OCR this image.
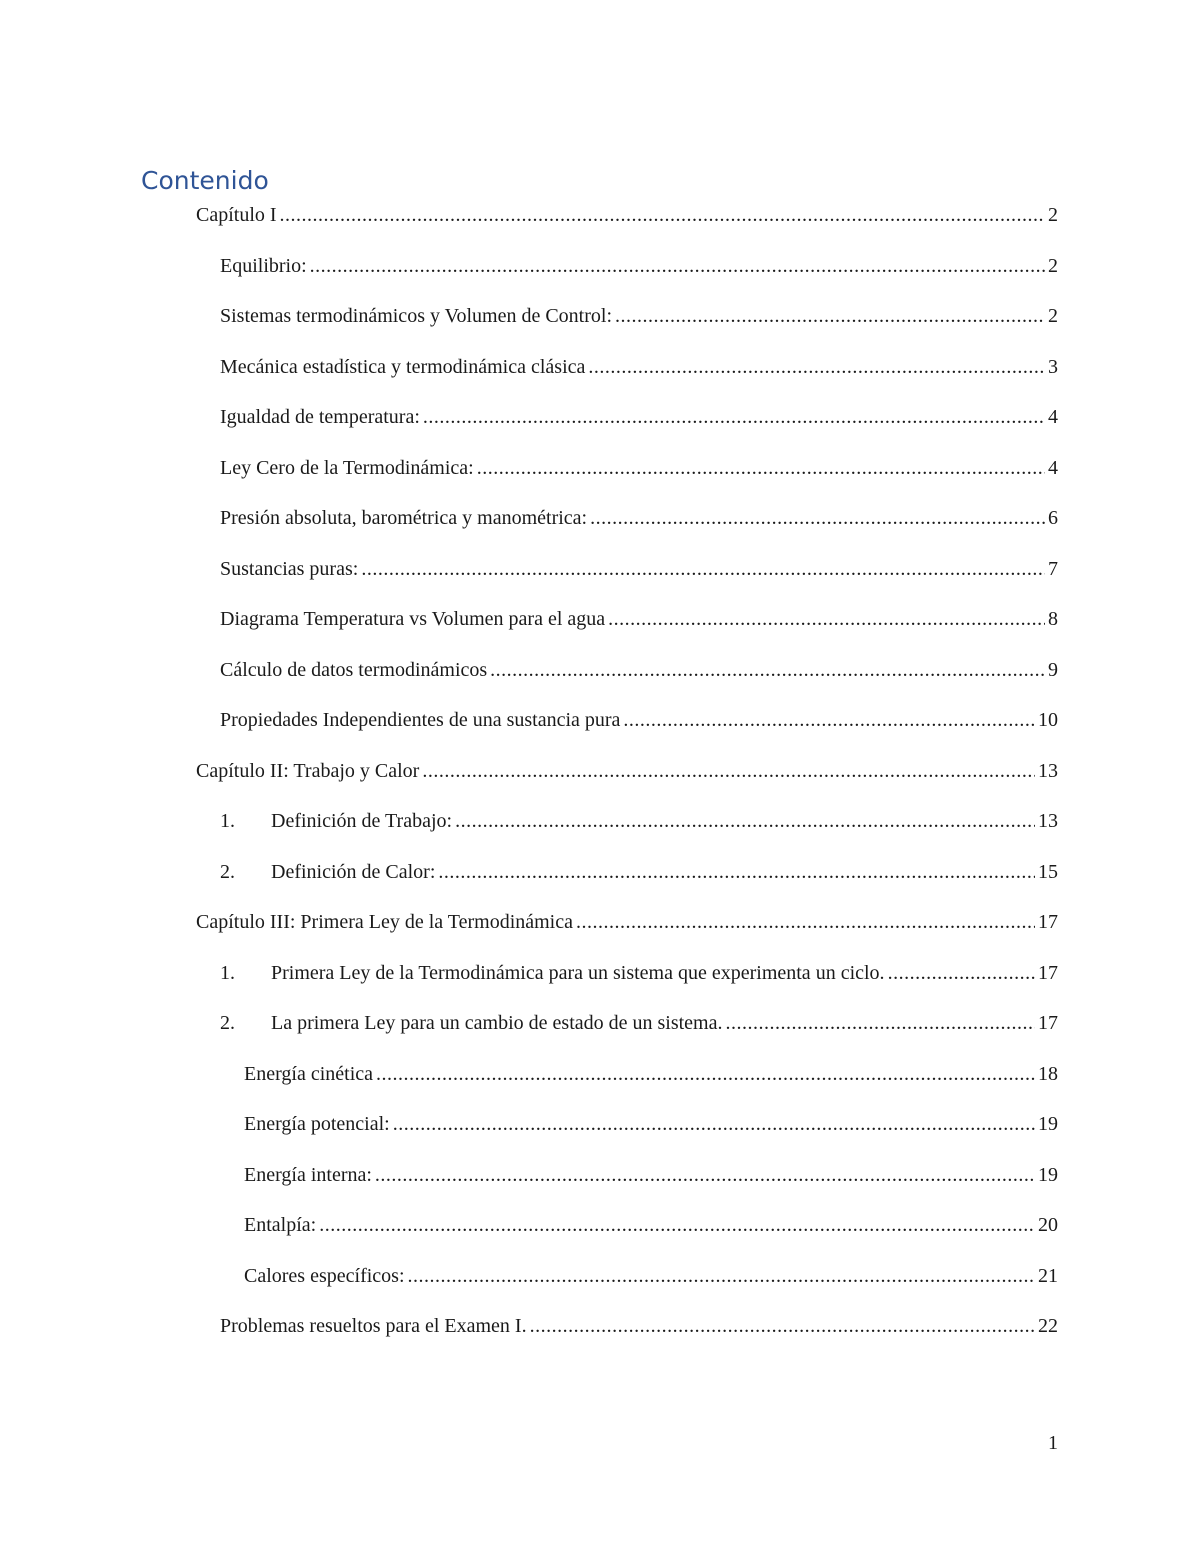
Contenido
Capítulo I .....	2
Equilibrio: .....	2
Sistemas termodinámicos y Volumen de Control: .....	2
Mecánica estadística y termodinámica clásica .....	3
Igualdad de temperatura: .....	4
Ley Cero de la Termodinámica: .....	4
Presión absoluta, barométrica y manométrica: .....	6
Sustancias puras: .....	7
Diagrama Temperatura vs Volumen para el agua .....	8
Cálculo de datos termodinámicos .....	9
Propiedades Independientes de una sustancia pura .....	10
Capítulo II: Trabajo y Calor .....	13
1.	Definición de Trabajo: .....	13
2.	Definición de Calor: .....	15
Capítulo III: Primera Ley de la Termodinámica .....	17
1.	Primera Ley de la Termodinámica para un sistema que experimenta un ciclo. .....	17
2.	La primera Ley para un cambio de estado de un sistema. .....	17
Energía cinética .....	18
Energía potencial: .....	19
Energía interna: .....	19
Entalpía: .....	20
Calores específicos: .....	21
Problemas resueltos para el Examen I. .....	22
1
